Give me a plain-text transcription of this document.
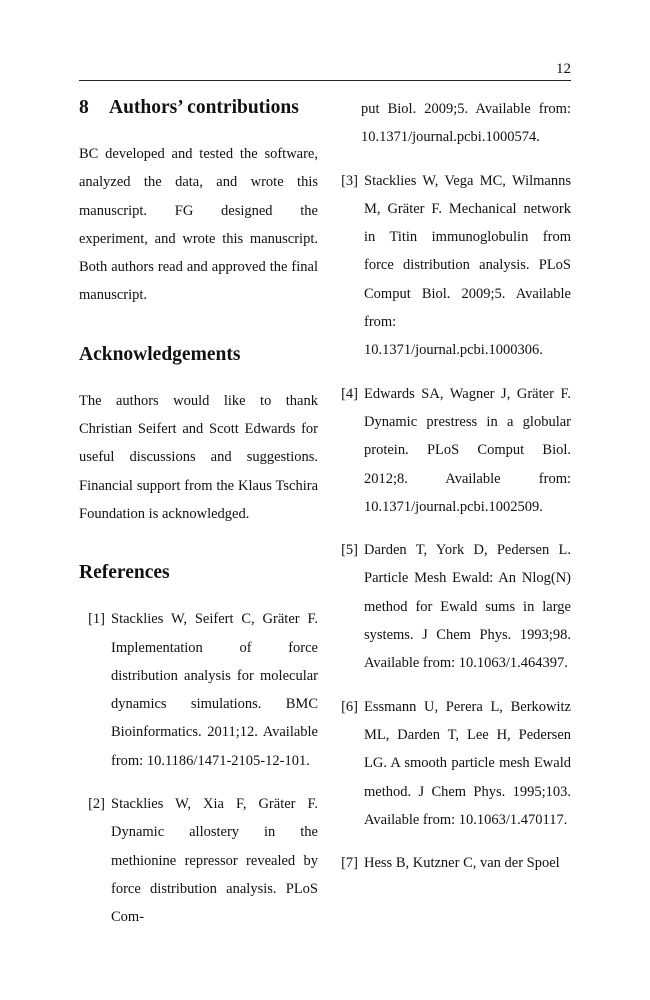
12
8	Authors’ contributions

BC developed and tested the software, analyzed the data, and wrote this manuscript. FG designed the experiment, and wrote this manuscript. Both authors read and approved the final manuscript.

Acknowledgements

The authors would like to thank Christian Seifert and Scott Edwards for useful discussions and suggestions. Financial support from the Klaus Tschira Foundation is acknowledged.

References
[1] Stacklies W, Seifert C, Gräter F. Implementation of force distribution analysis for molecular dynamics simulations. BMC Bioinformatics. 2011;12. Available from: 10.1186/1471-2105-12-101.
[2] Stacklies W, Xia F, Gräter F. Dynamic allostery in the methionine repressor revealed by force distribution analysis. PLoS Com-
put Biol. 2009;5. Available from: 10.1371/journal.pcbi.1000574.
[3] Stacklies W, Vega MC, Wilmanns M, Gräter F. Mechanical network in Titin immunoglobulin from force distribution analysis. PLoS Comput Biol. 2009;5. Available from: 10.1371/journal.pcbi.1000306.
[4] Edwards SA, Wagner J, Gräter F. Dynamic prestress in a globular protein. PLoS Comput Biol. 2012;8. Available from: 10.1371/journal.pcbi.1002509.
[5] Darden T, York D, Pedersen L. Particle Mesh Ewald: An Nlog(N) method for Ewald sums in large systems. J Chem Phys. 1993;98. Available from: 10.1063/1.464397.
[6] Essmann U, Perera L, Berkowitz ML, Darden T, Lee H, Pedersen LG. A smooth particle mesh Ewald method. J Chem Phys. 1995;103. Available from: 10.1063/1.470117.
[7] Hess B, Kutzner C, van der Spoel
